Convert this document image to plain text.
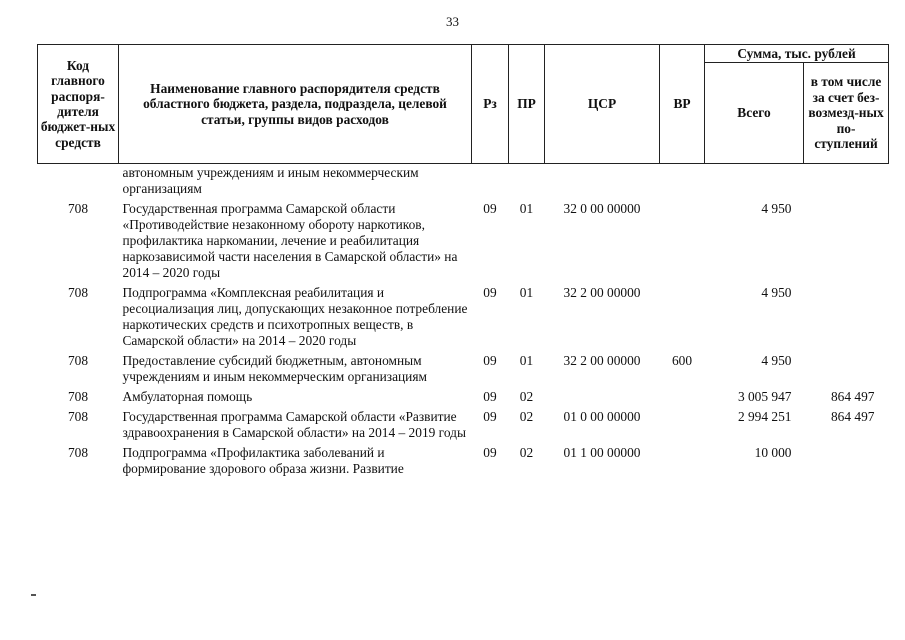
33
Код главного распоря-дителя бюджет-ных средств	Наименование главного распорядителя средств областного бюджета, раздела, подраздела, целевой статьи, группы видов расходов	Рз	ПР	ЦСР	ВР	Сумма, тыс. рублей	
						Всего	в том числе за счет без-возмезд-ных по-ступлений
	автономным учреждениям и иным некоммерческим организациям						
708	Государственная программа Самарской области «Противодействие незаконному обороту наркотиков, профилактика наркомании, лечение и реабилитация наркозависимой части населения в Самарской области» на 2014 – 2020 годы	09	01	32 0 00 00000		4 950	
708	Подпрограмма «Комплексная реабилитация и ресоциализация лиц, допускающих незаконное потребление наркотических средств и психотропных веществ, в Самарской области» на 2014 – 2020 годы	09	01	32 2 00 00000		4 950	
708	Предоставление субсидий бюджетным, автономным учреждениям и иным некоммерческим организациям	09	01	32 2 00 00000	600	4 950	
708	Амбулаторная помощь	09	02			3 005 947	864 497
708	Государственная программа Самарской области «Развитие здравоохранения в Самарской области» на 2014 – 2019 годы	09	02	01 0 00 00000		2 994 251	864 497
708	Подпрограмма «Профилактика заболеваний и формирование здорового образа жизни. Развитие	09	02	01 1 00 00000		10 000	
